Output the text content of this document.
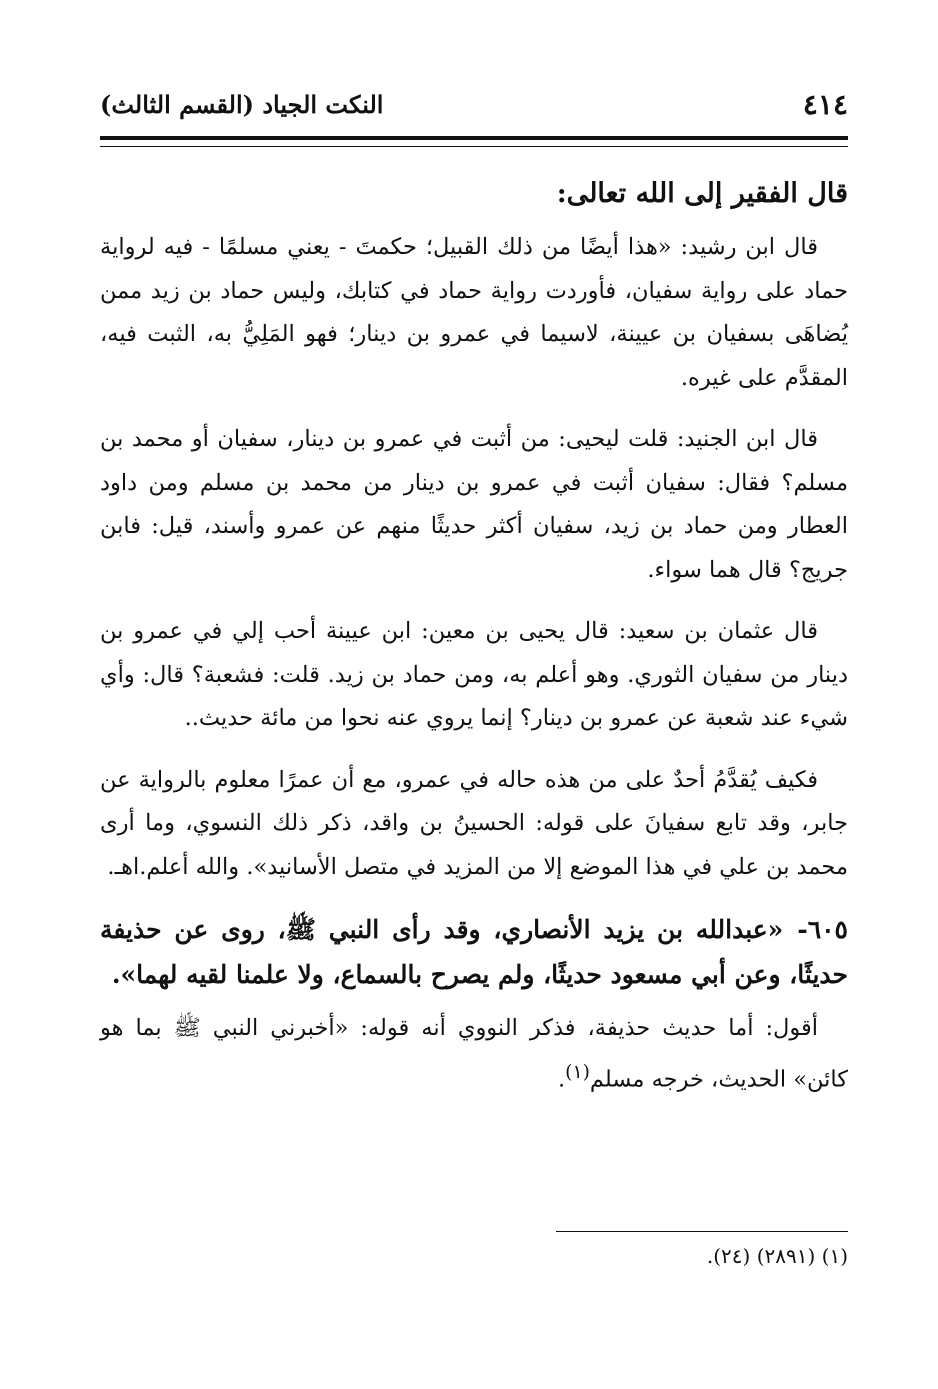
٤١٤
النكت الجياد (القسم الثالث)
قال الفقير إلى الله تعالى:

قال ابن رشيد: «هذا أيضًا من ذلك القبيل؛ حكمتَ - يعني مسلمًا - فيه لرواية حماد على رواية سفيان، فأوردت رواية حماد في كتابك، وليس حماد بن زيد ممن يُضاهَى بسفيان بن عيينة، لاسيما في عمرو بن دينار؛ فهو المَلِيُّ به، الثبت فيه، المقدَّم على غيره.

قال ابن الجنيد: قلت ليحيى: من أثبت في عمرو بن دينار، سفيان أو محمد بن مسلم؟ فقال: سفيان أثبت في عمرو بن دينار من محمد بن مسلم ومن داود العطار ومن حماد بن زيد، سفيان أكثر حديثًا منهم عن عمرو وأسند، قيل: فابن جريج؟ قال هما سواء.

قال عثمان بن سعيد: قال يحيى بن معين: ابن عيينة أحب إلي في عمرو بن دينار من سفيان الثوري. وهو أعلم به، ومن حماد بن زيد. قلت: فشعبة؟ قال: وأي شيء عند شعبة عن عمرو بن دينار؟ إنما يروي عنه نحوا من مائة حديث..

فكيف يُقدَّمُ أحدٌ على من هذه حاله في عمرو، مع أن عمرًا معلوم بالرواية عن جابر، وقد تابع سفيانَ على قوله: الحسينُ بن واقد، ذكر ذلك النسوي، وما أرى محمد بن علي في هذا الموضع إلا من المزيد في متصل الأسانيد». والله أعلم.اهـ.

٦٠٥-«عبدالله بن يزيد الأنصاري، وقد رأى النبي ﷺ، روى عن حذيفة حديثًا، وعن أبي مسعود حديثًا، ولم يصرح بالسماع، ولا علمنا لقيه لهما».

أقول: أما حديث حذيفة، فذكر النووي أنه قوله: «أخبرني النبي ﷺ بما هو كائن» الحديث، خرجه مسلم$^{(١)}$.

(١) (٢٨٩١) (٢٤).
